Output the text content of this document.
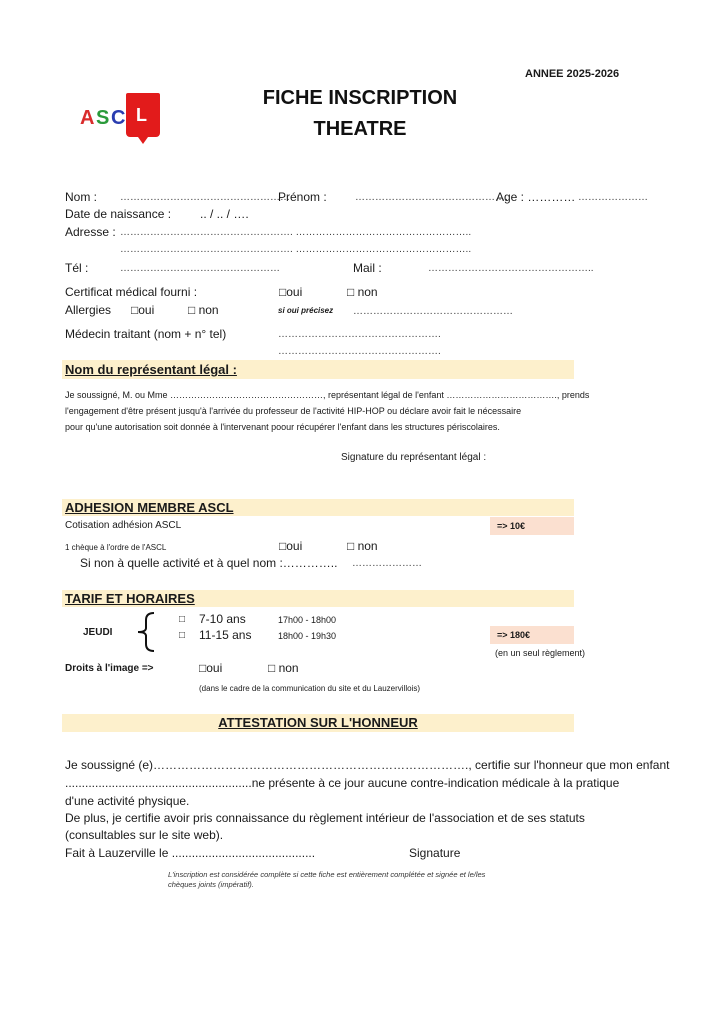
A S C L
ANNEE 2025-2026
FICHE INSCRIPTION
THEATRE
Nom : ……………………………………………
Prénom :	……………………………………….
Age : ………… …………………
Date de naissance : .. / .. / ….
Adresse : ……………………………………………. ……………………………………………..
……………………………………………. ……………………………………………..
Tél :	…………………………………………	Mail :	…………………………………………..
Certificat médical fourni :	□oui	□ non
Allergies □oui	□ non	si oui précisez …………………………………………
Médecin traitant (nom + n° tel)	………………………………………….
………………………………………….
Nom du représentant légal :
Je soussigné, M. ou Mme ……………………………………………, représentant légal de l'enfant ………………………………., prends
l'engagement d'être présent jusqu'à l'arrivée du professeur de l'activité HIP-HOP ou déclare avoir fait le nécessaire
pour qu'une autorisation soit donnée à l'intervenant poour récupérer l'enfant dans les structures périscolaires.
Signature du représentant légal :
ADHESION MEMBRE ASCL
Cotisation adhésion ASCL	=> 10€
1 chèque à l'ordre de l'ASCL	□oui	□ non
Si non à quelle activité et à quel nom :………….. …………………
TARIF ET HORAIRES
JEUDI
□ 7-10 ans	17h00 - 18h00
□ 11-15 ans	18h00 - 19h30	=> 180€
(en un seul règlement)
Droits à l'image =>	□oui	□ non
(dans le cadre de la communication du site et du Lauzervillois)
ATTESTATION SUR L'HONNEUR
Je soussigné (e)……………………………………………………………………., certifie sur l'honneur que mon enfant
........................................................ne présente à ce jour aucune contre-indication médicale à la pratique
d'une activité physique.
De plus, je certifie avoir pris connaissance du règlement intérieur de l'association et de ses statuts
(consultables sur le site web).
Fait à Lauzerville le ...........................................	Signature
L'inscription est considérée complète si cette fiche est entièrement complétée et signée et le/les
chèques joints (impératif).
